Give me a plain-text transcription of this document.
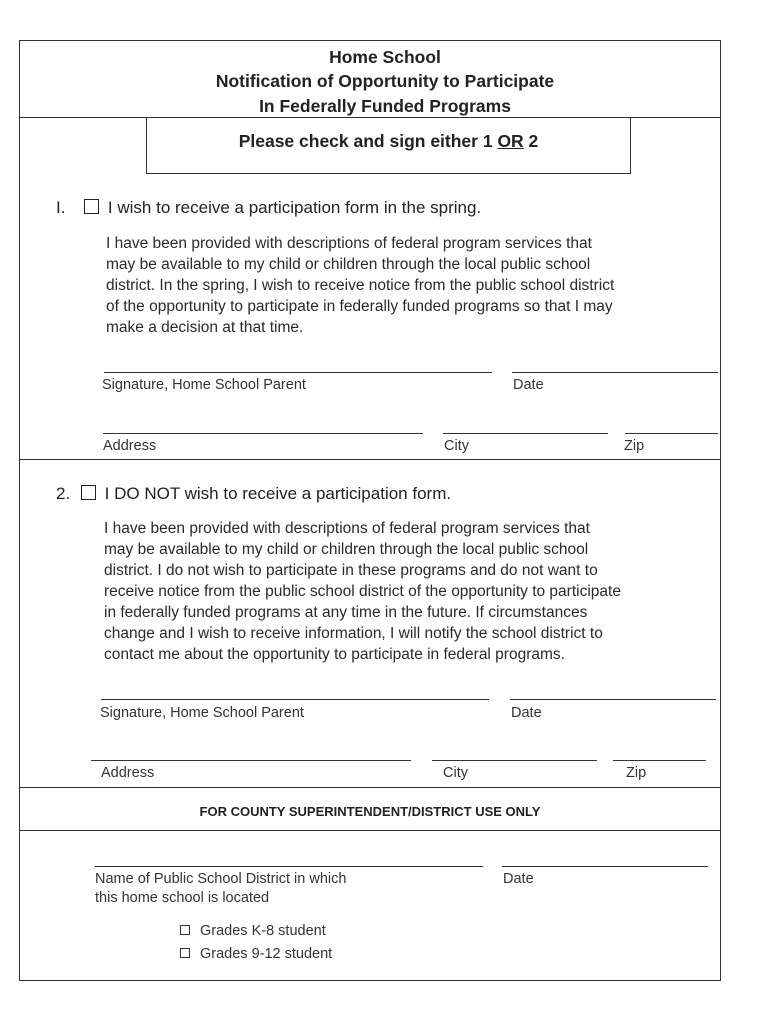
Home School
Notification of Opportunity to Participate
In Federally Funded Programs
Please check and sign either 1 OR 2
I. I wish to receive a participation form in the spring.
I have been provided with descriptions of federal program services that
may be available to my child or children through the local public school
district. In the spring, I wish to receive notice from the public school district
of the opportunity to participate in federally funded programs so that I may
make a decision at that time.
Signature, Home School Parent	Date
Address	City	Zip
2. I DO NOT wish to receive a participation form.
I have been provided with descriptions of federal program services that
may be available to my child or children through the local public school
district. I do not wish to participate in these programs and do not want to
receive notice from the public school district of the opportunity to participate
in federally funded programs at any time in the future. If circumstances
change and I wish to receive information, I will notify the school district to
contact me about the opportunity to participate in federal programs.
Signature, Home School Parent	Date
Address	City	Zip
FOR COUNTY SUPERINTENDENT/DISTRICT USE ONLY
Name of Public School District in which
this home school is located
Date
Grades K-8 student
Grades 9-12 student
